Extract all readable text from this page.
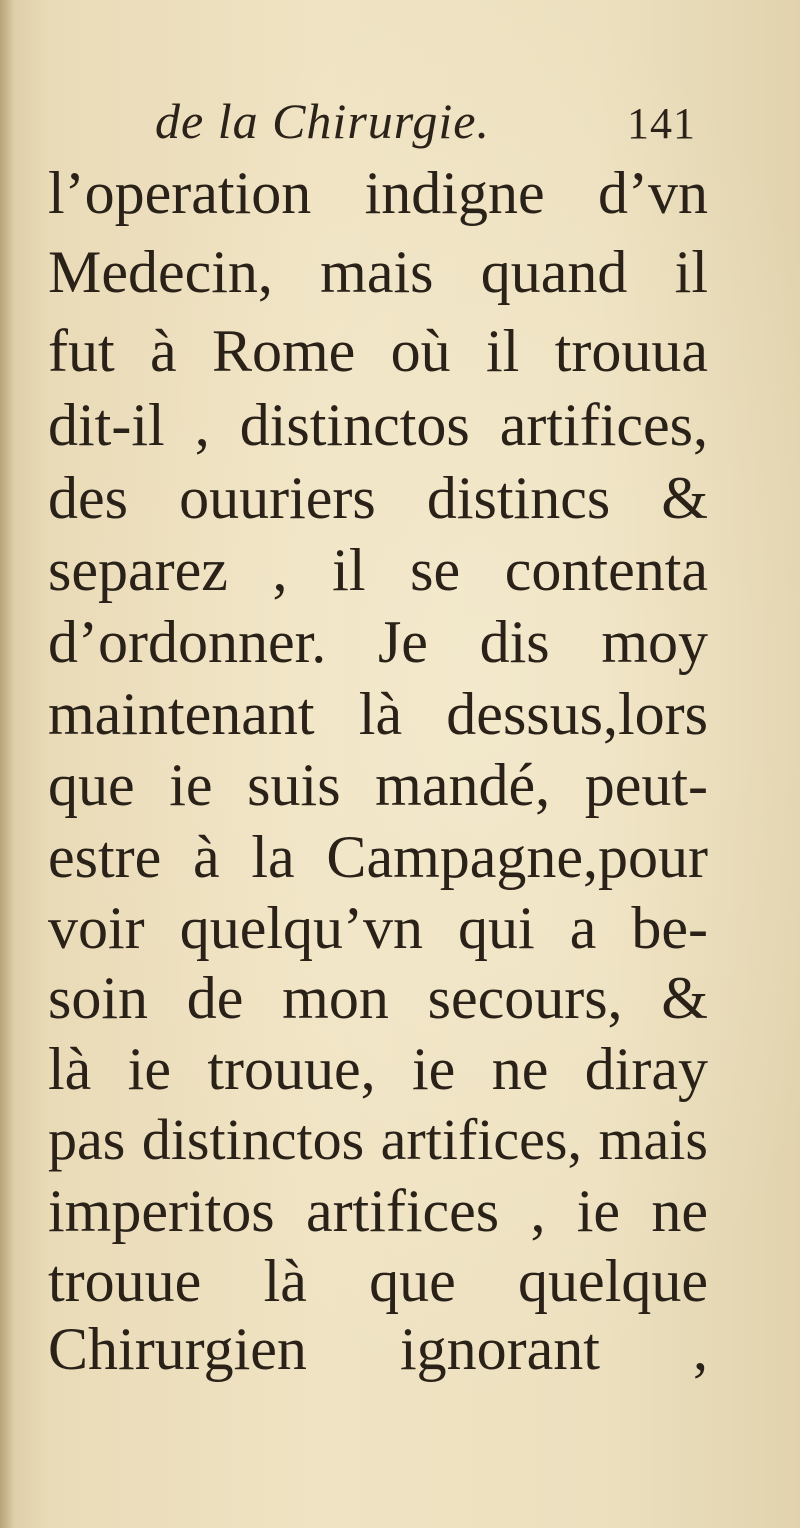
de la Chirurgie.	141
l’operation indigne d’vn
Medecin, mais quand il
fut à Rome où il trouua
dit-il , distinctos artifices,
des ouuriers distincs &
separez , il se contenta
d’ordonner. Je dis moy
maintenant là dessus,lors
que ie suis mandé, peut-
estre à la Campagne,pour
voir quelqu’vn qui a be-
soin de mon secours, &
là ie trouue, ie ne diray
pas distinctos artifices, mais
imperitos artifices , ie ne
trouue là que quelque
Chirurgien ignorant ,
